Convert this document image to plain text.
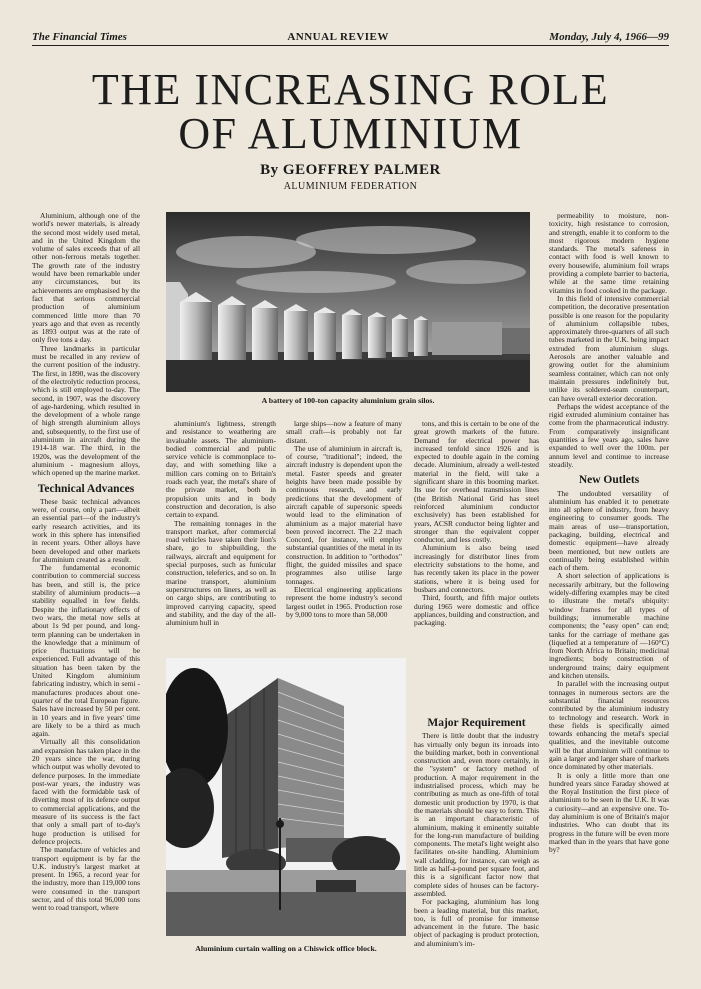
The Financial Times	ANNUAL REVIEW	Monday, July 4, 1966—99
THE INCREASING ROLE
OF ALUMINIUM
By GEOFFREY PALMER
ALUMINIUM FEDERATION

Aluminium, although one of the world's newer materials, is already the second most widely used metal, and in the United Kingdom the volume of sales exceeds that of all other non-ferrous metals together. The growth rate of the industry would have been remarkable under any circumstances, but its achievements are emphasised by the fact that serious commercial production of aluminium commenced little more than 70 years ago and that even as recently as 1893 output was at the rate of only five tons a day.

Three landmarks in particular must be recalled in any review of the current position of the industry. The first, in 1890, was the discovery of the electrolytic reduction process, which is still employed to-day. The second, in 1907, was the discovery of age-hardening, which resulted in the development of a whole range of high strength aluminium alloys and, subsequently, to the first use of aluminium in aircraft during the 1914-18 war. The third, in the 1920s, was the development of the aluminium - magnesium alloys, which opened up the marine market.

Technical Advances

These basic technical advances were, of course, only a part—albeit an essential part—of the industry's early research activities, and its work in this sphere has intensified in recent years. Other alloys have been developed and other markets for aluminium created as a result.

The fundamental economic contribution to commercial success has been, and still is, the price stability of aluminium products—a stability equalled in few fields. Despite the inflationary effects of two wars, the metal now sells at about 1s 9d per pound, and long-term planning can be undertaken in the knowledge that a minimum of price fluctuations will be experienced. Full advantage of this situation has been taken by the United Kingdom aluminium fabricating industry, which in semi - manufactures produces about one-quarter of the total European figure. Sales have increased by 50 per cent. in 10 years and in five years' time are likely to be a third as much again.

Virtually all this consolidation and expansion has taken place in the 20 years since the war, during which output was wholly devoted to defence purposes. In the immediate post-war years, the industry was faced with the formidable task of diverting most of its defence output to commercial applications, and the measure of its success is the fact that only a small part of to-day's huge production is utilised for defence projects.

The manufacture of vehicles and transport equipment is by far the U.K. industry's largest market at present. In 1965, a record year for the industry, more than 119,000 tons were consumed in the transport sector, and of this total 96,000 tons went to road transport, where

aluminium's lightness, strength and resistance to weathering are invaluable assets. The aluminium-bodied commercial and public service vehicle is commonplace to-day, and with something like a million cars coming on to Britain's roads each year, the metal's share of the private market, both in propulsion units and in body construction and decoration, is also certain to expand.

The remaining tonnages in the transport market, after commercial road vehicles have taken their lion's share, go to shipbuilding, the railways, aircraft and equipment for special purposes, such as funicular construction, teleferics, and so on. In marine transport, aluminium superstructures on liners, as well as on cargo ships, are contributing to improved carrying capacity, speed and stability, and the day of the all-aluminium hull in

large ships—now a feature of many small craft—is probably not far distant.

The use of aluminium in aircraft is, of course, "traditional"; indeed, the aircraft industry is dependent upon the metal. Faster speeds and greater heights have been made possible by continuous research, and early predictions that the development of aircraft capable of supersonic speeds would lead to the elimination of aluminium as a major material have been proved incorrect. The 2.2 mach Concord, for instance, will employ substantial quantities of the metal in its construction. In addition to "orthodox" flight, the guided missiles and space programmes also utilise large tonnages.

Electrical engineering applications represent the home industry's second largest outlet in 1965. Production rose by 9,000 tons to more than 58,000

tons, and this is certain to be one of the great growth markets of the future. Demand for electrical power has increased tenfold since 1926 and is expected to double again in the coming decade. Aluminium, already a well-tested material in the field, will take a significant share in this booming market. Its use for overhead transmission lines (the British National Grid has steel reinforced aluminium conductor exclusively) has been established for years, ACSR conductor being lighter and stronger than the equivalent copper conductor, and less costly.

Aluminium is also being used increasingly for distributor lines from electricity substations to the home, and has recently taken its place in the power stations, where it is being used for busbars and connectors.

Third, fourth, and fifth major outlets during 1965 were domestic and office appliances, building and construction, and packaging.

Major Requirement

There is little doubt that the industry has virtually only begun its inroads into the building market, both in conventional construction and, even more certainly, in the "system" or factory method of production. A major requirement in the industrialised process, which may be contributing as much as one-fifth of total domestic unit production by 1970, is that the materials should be easy to form. This is an important characteristic of aluminium, making it eminently suitable for the long-run manufacture of building components. The metal's light weight also facilitates on-site handling. Aluminium wall cladding, for instance, can weigh as little as half-a-pound per square foot, and this is a significant factor now that complete sides of houses can be factory-assembled.

For packaging, aluminium has long been a leading material, but this market, too, is full of promise for immense advancement in the future. The basic object of packaging is product protection, and aluminium's im-

permeability to moisture, non-toxicity, high resistance to corrosion, and strength, enable it to conform to the most rigorous modern hygiene standards. The metal's safeness in contact with food is well known to every housewife, aluminium foil wraps providing a complete barrier to bacteria, while at the same time retaining vitamins in food cooked in the package.

In this field of intensive commercial competition, the decorative presentation possible is one reason for the popularity of aluminium collapsible tubes, approximately three-quarters of all such tubes marketed in the U.K. being impact extruded from aluminium slugs. Aerosols are another valuable and growing outlet for the aluminium seamless container, which can not only maintain pressures indefinitely but, unlike its soldered-seam counterpart, can have overall exterior decoration.

Perhaps the widest acceptance of the rigid extruded aluminium container has come from the pharmaceutical industry. From comparatively insignificant quantities a few years ago, sales have expanded to well over the 100m. per annum level and continue to increase steadily.

New Outlets

The undoubted versatility of aluminium has enabled it to penetrate into all sphere of industry, from heavy engineering to consumer goods. The main areas of use—transportation, packaging, building, electrical and domestic equipment—have already been mentioned, but new outlets are continually being established within each of them.

A short selection of applications is necessarily arbitrary, but the following widely-differing examples may be cited to illustrate the metal's ubiquity: window frames for all types of buildings; innumerable machine components; the "easy open" can end; tanks for the carriage of methane gas (liquefied at a temperature of —160°C) from North Africa to Britain; medicinal ingredients; body construction of underground trains; dairy equipment and kitchen utensils.

In parallel with the increasing output tonnages in numerous sectors are the substantial financial resources contributed by the aluminium industry to technology and research. Work in these fields is specifically aimed towards enhancing the metal's special qualities, and the inevitable outcome will be that aluminium will continue to gain a larger and larger share of markets once dominated by other materials.

It is only a little more than one hundred years since Faraday showed at the Royal Institution the first piece of aluminium to be seen in the U.K. It was a curiosity—and an expensive one. To-day aluminium is one of Britain's major industries. Who can doubt that its progress in the future will be even more marked than in the years that have gone by?

A battery of 100-ton capacity aluminium grain silos.
Aluminium curtain walling on a Chiswick office block.
